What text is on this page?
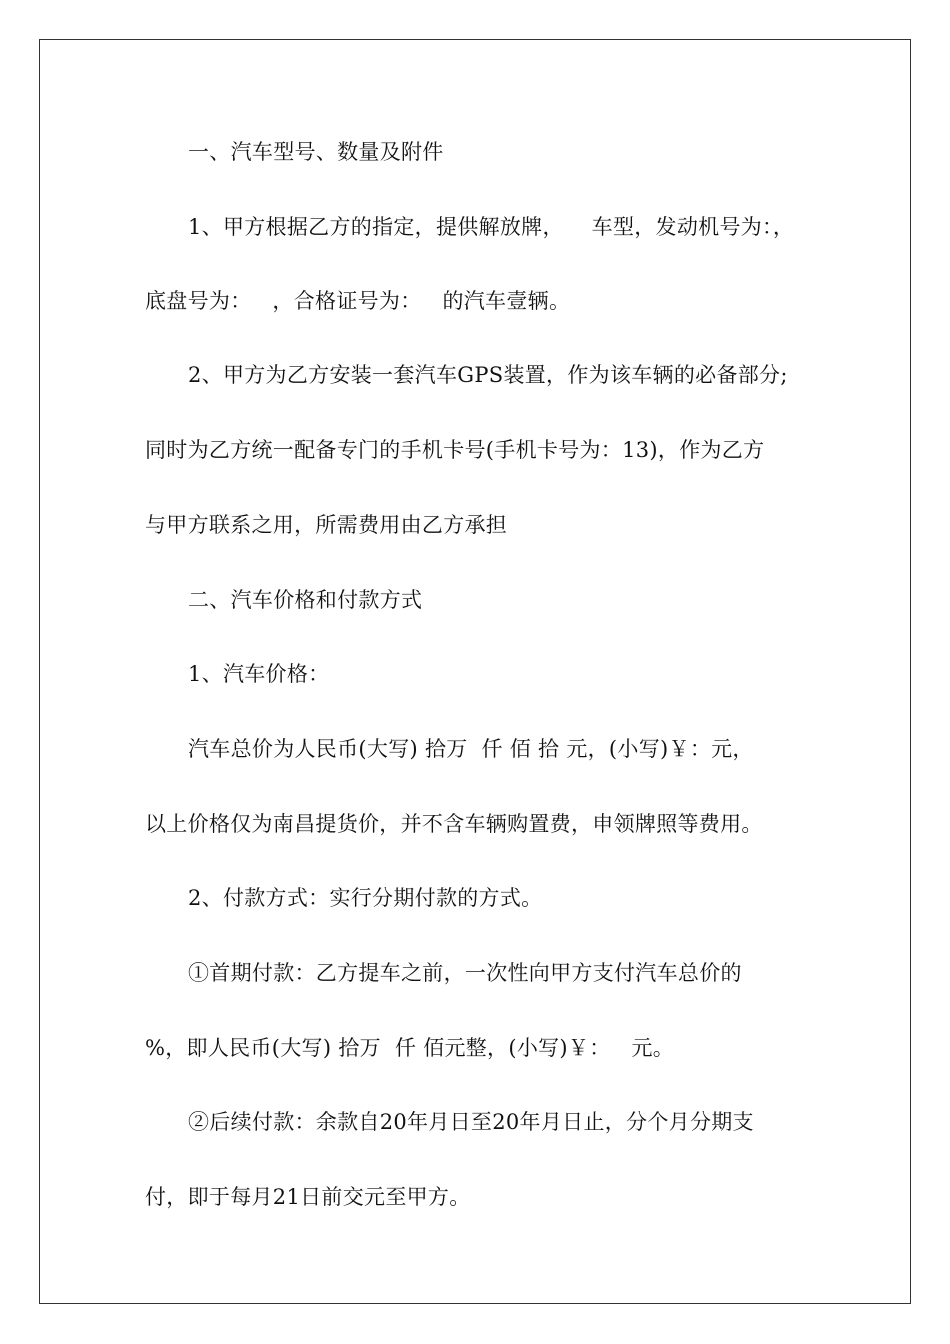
一、汽车型号、数量及附件
1、甲方根据乙方的指定，提供解放牌，    车型，发动机号为：，
底盘号为：   ，合格证号为：   的汽车壹辆。
2、甲方为乙方安装一套汽车GPS装置，作为该车辆的必备部分;
同时为乙方统一配备专门的手机卡号(手机卡号为：13)，作为乙方
与甲方联系之用，所需费用由乙方承担
二、汽车价格和付款方式
1、汽车价格：
汽车总价为人民币(大写) 拾万  仟 佰 拾 元，(小写)￥：元，
以上价格仅为南昌提货价，并不含车辆购置费，申领牌照等费用。
2、付款方式：实行分期付款的方式。
①首期付款：乙方提车之前，一次性向甲方支付汽车总价的
%，即人民币(大写) 拾万  仟 佰元整，(小写)￥：   元。
②后续付款：余款自20年月日至20年月日止，分个月分期支
付，即于每月21日前交元至甲方。
